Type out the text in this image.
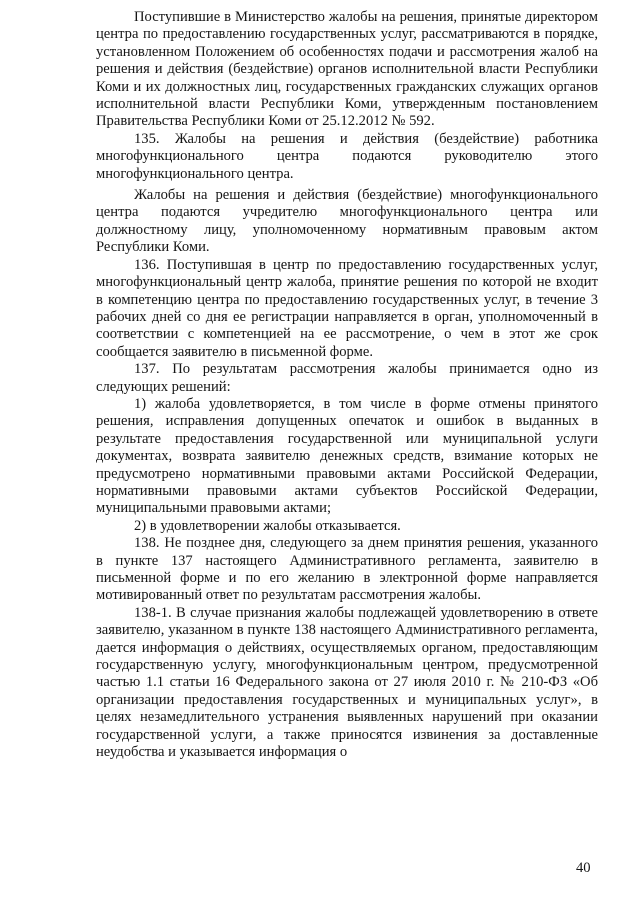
Поступившие в Министерство жалобы на решения, принятые директором центра по предоставлению государственных услуг, рассматриваются в порядке, установленном Положением об особенностях подачи и рассмотрения жалоб на решения и действия (бездействие) органов исполнительной власти Республики Коми и их должностных лиц, государственных гражданских служащих органов исполнительной власти Республики Коми, утвержденным постановлением Правительства Республики Коми от 25.12.2012 № 592.

135. Жалобы на решения и действия (бездействие) работника многофункционального центра подаются руководителю этого многофункционального центра.

Жалобы на решения и действия (бездействие) многофункционального центра подаются учредителю многофункционального центра или должностному лицу, уполномоченному нормативным правовым актом Республики Коми.

136. Поступившая в центр по предоставлению государственных услуг, многофункциональный центр жалоба, принятие решения по которой не входит в компетенцию центра по предоставлению государственных услуг, в течение 3 рабочих дней со дня ее регистрации направляется в орган, уполномоченный в соответствии с компетенцией на ее рассмотрение, о чем в этот же срок сообщается заявителю в письменной форме.

137. По результатам рассмотрения жалобы принимается одно из следующих решений:

1) жалоба удовлетворяется, в том числе в форме отмены принятого решения, исправления допущенных опечаток и ошибок в выданных в результате предоставления государственной или муниципальной услуги документах, возврата заявителю денежных средств, взимание которых не предусмотрено нормативными правовыми актами Российской Федерации, нормативными правовыми актами субъектов Российской Федерации, муниципальными правовыми актами;

2) в удовлетворении жалобы отказывается.

138. Не позднее дня, следующего за днем принятия решения, указанного в пункте 137 настоящего Административного регламента, заявителю в письменной форме и по его желанию в электронной форме направляется мотивированный ответ по результатам рассмотрения жалобы.

138-1. В случае признания жалобы подлежащей удовлетворению в ответе заявителю, указанном в пункте 138 настоящего Административного регламента, дается информация о действиях, осуществляемых органом, предоставляющим государственную услугу, многофункциональным центром, предусмотренной частью 1.1 статьи 16 Федерального закона от 27 июля 2010 г. № 210-ФЗ «Об организации предоставления государственных и муниципальных услуг», в целях незамедлительного устранения выявленных нарушений при оказании государственной услуги, а также приносятся извинения за доставленные неудобства и указывается информация о

40
